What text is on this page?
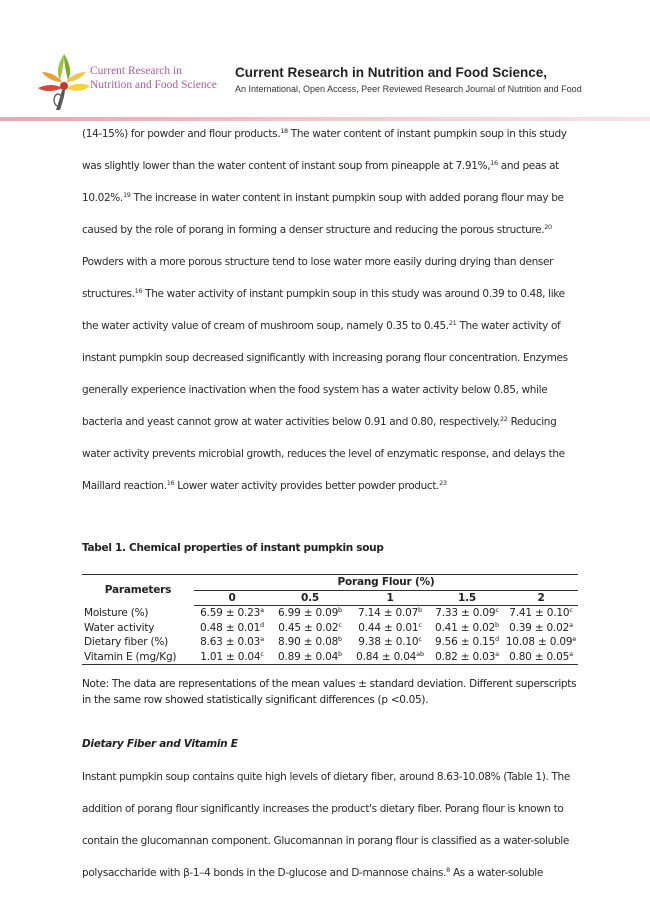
Current Research in
Nutrition and Food Science
Current Research in Nutrition and Food Science,
An International, Open Access, Peer Reviewed Research Journal of Nutrition and Food
(14-15%) for powder and flour products.$^{18}$ The water content of instant pumpkin soup in this study
was slightly lower than the water content of instant soup from pineapple at 7.91%,$^{16}$ and peas at
10.02%.$^{19}$ The increase in water content in instant pumpkin soup with added porang flour may be
caused by the role of porang in forming a denser structure and reducing the porous structure.$^{20}$
Powders with a more porous structure tend to lose water more easily during drying than denser
structures.$^{16}$ The water activity of instant pumpkin soup in this study was around 0.39 to 0.48, like
the water activity value of cream of mushroom soup, namely 0.35 to 0.45.21 The water activity of
instant pumpkin soup decreased significantly with increasing porang flour concentration. Enzymes
generally experience inactivation when the food system has a water activity below 0.85, while
bacteria and yeast cannot grow at water activities below 0.91 and 0.80, respectively.$^{22}$ Reducing
water activity prevents microbial growth, reduces the level of enzymatic response, and delays the
Maillard reaction.$^{16}$ Lower water activity provides better powder product.$^{23}$
Tabel 1. Chemical properties of instant pumpkin soup
Parameters	Porang Flour (%)				
	0	0.5	1	1.5	2
Moisture (%)	6.59 ± 0.23$^a$	6.99 ± 0.09$^b$	7.14 ± 0.07$^b$	7.33 ± 0.09$^c$	7.41 ± 0.10$^c$
Water activity	0.48 ± 0.01$^d$	0.45 ± 0.02$^c$	0.44 ± 0.01$^c$	0.41 ± 0.02$^b$	0.39 ± 0.02$^a$
Dietary fiber (%)	8.63 ± 0.03$^a$	8.90 ± 0.08$^b$	9.38 ± 0.10$^c$	9.56 ± 0.15$^d$	10.08 ± 0.09$^e$
Vitamin E (mg/Kg)	1.01 ± 0.04$^c$	0.89 ± 0.04$^b$	0.84 ± 0.04$^{ab}$	0.82 ± 0.03$^a$	0.80 ± 0.05$^a$
Note: The data are representations of the mean values ± standard deviation. Different superscripts
in the same row showed statistically significant differences (p <0.05).
Dietary Fiber and Vitamin E
Instant pumpkin soup contains quite high levels of dietary fiber, around 8.63-10.08% (Table 1). The
addition of porang flour significantly increases the product's dietary fiber. Porang flour is known to
contain the glucomannan component. Glucomannan in porang flour is classified as a water-soluble
polysaccharide with β-1–4 bonds in the D-glucose and D-mannose chains.$^8$ As a water-soluble
